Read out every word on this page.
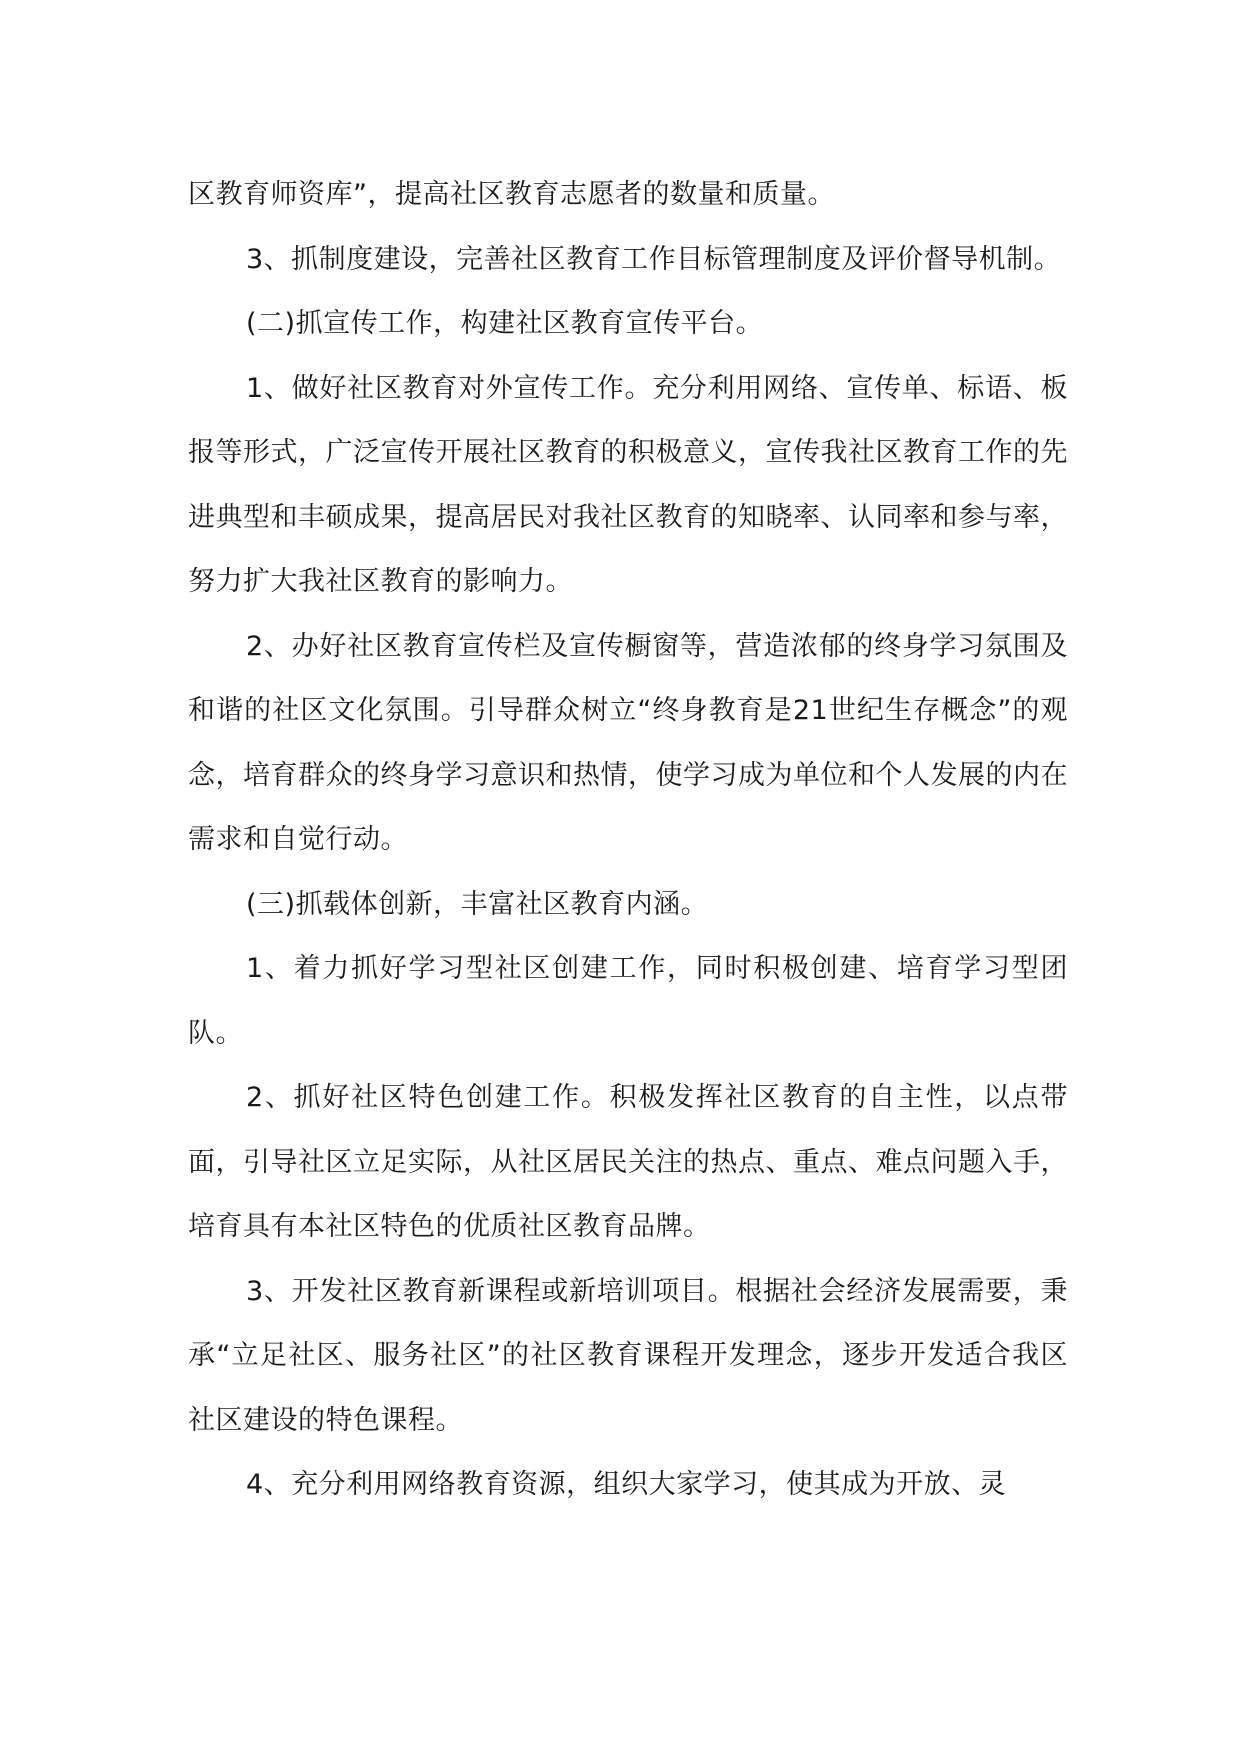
区教育师资库”，提高社区教育志愿者的数量和质量。

3、抓制度建设，完善社区教育工作目标管理制度及评价督导机制。

(二)抓宣传工作，构建社区教育宣传平台。

1、做好社区教育对外宣传工作。充分利用网络、宣传单、标语、板报等形式，广泛宣传开展社区教育的积极意义，宣传我社区教育工作的先进典型和丰硕成果，提高居民对我社区教育的知晓率、认同率和参与率，努力扩大我社区教育的影响力。

2、办好社区教育宣传栏及宣传橱窗等，营造浓郁的终身学习氛围及和谐的社区文化氛围。引导群众树立“终身教育是21世纪生存概念”的观念，培育群众的终身学习意识和热情，使学习成为单位和个人发展的内在需求和自觉行动。

(三)抓载体创新，丰富社区教育内涵。

1、着力抓好学习型社区创建工作，同时积极创建、培育学习型团队。

2、抓好社区特色创建工作。积极发挥社区教育的自主性，以点带面，引导社区立足实际，从社区居民关注的热点、重点、难点问题入手，培育具有本社区特色的优质社区教育品牌。

3、开发社区教育新课程或新培训项目。根据社会经济发展需要，秉承“立足社区、服务社区”的社区教育课程开发理念，逐步开发适合我区社区建设的特色课程。

4、充分利用网络教育资源，组织大家学习，使其成为开放、灵
